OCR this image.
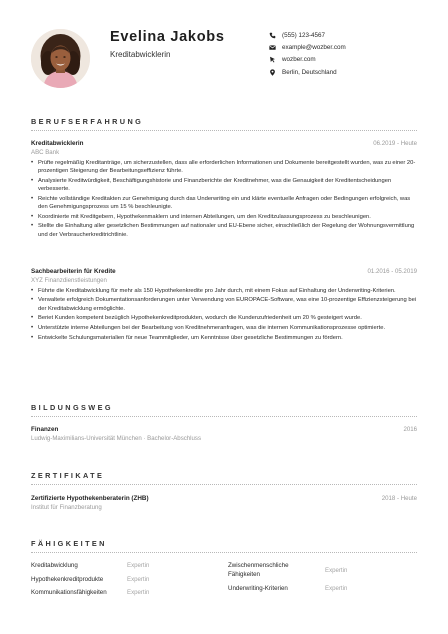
Evelina Jakobs
Kreditabwicklerin
(555) 123-4567
example@wozber.com
wozber.com
Berlin, Deutschland
BERUFSERFAHRUNG
Kreditabwicklerin	06.2019 - Heute
ABC Bank
• Prüfte regelmäßig Kreditanträge, um sicherzustellen, dass alle erforderlichen Informationen und Dokumente bereitgestellt wurden, was zu einer 20-prozentigen Steigerung der Bearbeitungseffizienz führte.
• Analysierte Kreditwürdigkeit, Beschäftigungshistorie und Finanzberichte der Kreditnehmer, was die Genauigkeit der Kreditentscheidungen verbesserte.
• Reichte vollständige Kreditakten zur Genehmigung durch das Underwriting ein und klärte eventuelle Anfragen oder Bedingungen erfolgreich, was den Genehmigungsprozess um 15 % beschleunigte.
• Koordinierte mit Kreditgebern, Hypothekenmaklern und internen Abteilungen, um den Kreditzulassungsprozess zu beschleunigen.
• Stellte die Einhaltung aller gesetzlichen Bestimmungen auf nationaler und EU-Ebene sicher, einschließlich der Regelung der Wohnungsvermittlung und der Verbraucherkreditrichtlinie.
Sachbearbeiterin für Kredite	01.2016 - 05.2019
XYZ Finanzdienstleistungen
• Führte die Kreditabwicklung für mehr als 150 Hypothekenkredite pro Jahr durch, mit einem Fokus auf Einhaltung der Underwriting-Kriterien.
• Verwaltete erfolgreich Dokumentationsanforderungen unter Verwendung von EUROPACE-Software, was eine 10-prozentige Effizienzsteigerung bei der Kreditabwicklung ermöglichte.
• Beriet Kunden kompetent bezüglich Hypothekenkreditprodukten, wodurch die Kundenzufriedenheit um 20 % gesteigert wurde.
• Unterstützte interne Abteilungen bei der Bearbeitung von Kreditnehmeranfragen, was die internen Kommunikationsprozesse optimierte.
• Entwickelte Schulungsmaterialien für neue Teammitglieder, um Kenntnisse über gesetzliche Bestimmungen zu fördern.
BILDUNGSWEG
Finanzen	2016
Ludwig-Maximilians-Universität München · Bachelor-Abschluss
ZERTIFIKATE
Zertifizierte Hypothekenberaterin (ZHB)	2018 - Heute
Institut für Finanzberatung
FÄHIGKEITEN
Kreditabwicklung	Expertin
Hypothekenkreditprodukte	Expertin
Kommunikationsfähigkeiten	Expertin
Zwischenmenschliche Fähigkeiten	Expertin
Underwriting-Kriterien	Expertin
